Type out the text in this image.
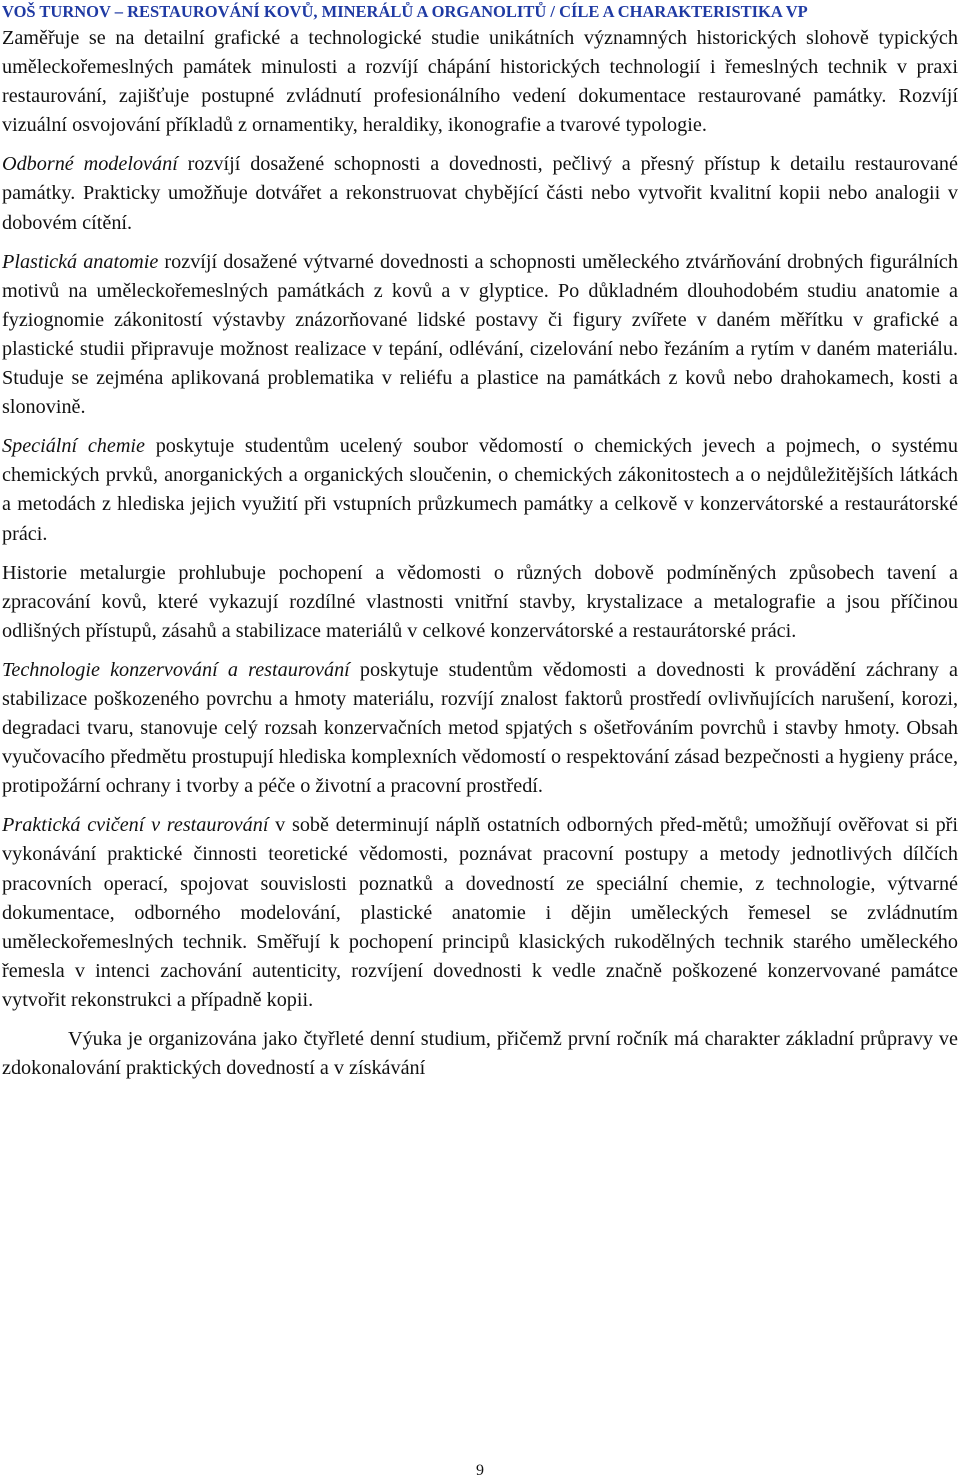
VOŠ TURNOV – RESTAUROVÁNÍ KOVŮ, MINERÁLŮ A ORGANOLITŮ / CÍLE A CHARAKTERISTIKA VP

Zaměřuje se na detailní grafické a technologické studie unikátních významných historických slohově typických uměleckořemeslných památek minulosti a rozvíjí chápání historických technologií i řemeslných technik v praxi restaurování, zajišťuje postupné zvládnutí profesionálního vedení dokumentace restaurované památky. Rozvíjí vizuální osvojování příkladů z ornamentiky, heraldiky, ikonografie a tvarové typologie.

Odborné modelování rozvíjí dosažené schopnosti a dovednosti, pečlivý a přesný přístup k detailu restaurované památky. Prakticky umožňuje dotvářet a rekonstruovat chybějící části nebo vytvořit kvalitní kopii nebo analogii v dobovém cítění.

Plastická anatomie rozvíjí dosažené výtvarné dovednosti a schopnosti uměleckého ztvárňování drobných figurálních motivů na uměleckořemeslných památkách z kovů a v glyptice. Po důkladném dlouhodobém studiu anatomie a fyziognomie zákonitostí výstavby znázorňované lidské postavy či figury zvířete v daném měřítku v grafické a plastické studii připravuje možnost realizace v tepání, odlévání, cizelování nebo řezáním a rytím v daném materiálu. Studuje se zejména aplikovaná problematika v reliéfu a plastice na památkách z kovů nebo drahokamech, kosti a slonovině.

Speciální chemie poskytuje studentům ucelený soubor vědomostí o chemických jevech a pojmech, o systému chemických prvků, anorganických a organických sloučenin, o chemických zákonitostech a o nejdůležitějších látkách a metodách z hlediska jejich využití při vstupních průzkumech památky a celkově v konzervátorské a restaurátorské práci.

Historie metalurgie prohlubuje pochopení a vědomosti o různých dobově podmíněných způsobech tavení a zpracování kovů, které vykazují rozdílné vlastnosti vnitřní stavby, krystalizace a metalografie a jsou příčinou odlišných přístupů, zásahů a stabilizace materiálů v celkové konzervátorské a restaurátorské práci.

Technologie konzervování a restaurování poskytuje studentům vědomosti a dovednosti k provádění záchrany a stabilizace poškozeného povrchu a hmoty materiálu, rozvíjí znalost faktorů prostředí ovlivňujících narušení, korozi, degradaci tvaru, stanovuje celý rozsah konzervačních metod spjatých s ošetřováním povrchů i stavby hmoty. Obsah vyučovacího předmětu prostupují hlediska komplexních vědomostí o respektování zásad bezpečnosti a hygieny práce, protipožární ochrany i tvorby a péče o životní a pracovní prostředí.

Praktická cvičení v restaurování v sobě determinují náplň ostatních odborných před-mětů; umožňují ověřovat si při vykonávání praktické činnosti teoretické vědomosti, poznávat pracovní postupy a metody jednotlivých dílčích pracovních operací, spojovat souvislosti poznatků a dovedností ze speciální chemie, z technologie, výtvarné dokumentace, odborného modelování, plastické anatomie i dějin uměleckých řemesel se zvládnutím uměleckořemeslných technik. Směřují k pochopení principů klasických rukodělných technik starého uměleckého řemesla v intenci zachování autenticity, rozvíjení dovednosti k vedle značně poškozené konzervované památce vytvořit rekonstrukci a případně kopii.

Výuka je organizována jako čtyřleté denní studium, přičemž první ročník má charakter základní průpravy ve zdokonalování praktických dovedností a v získávání

9
